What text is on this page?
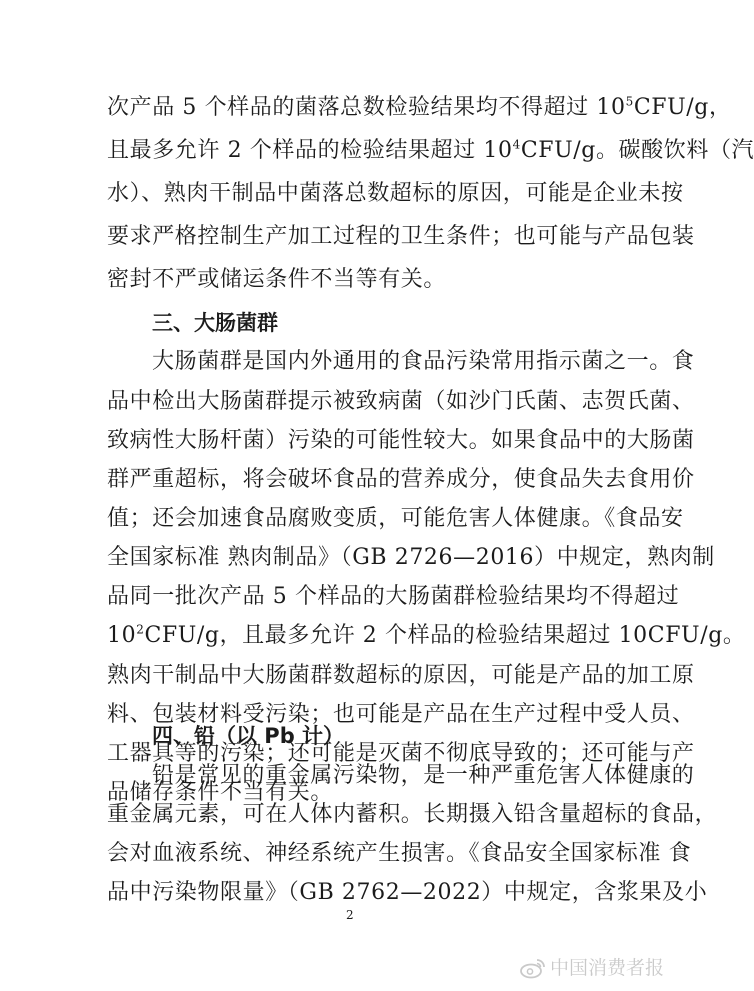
次产品 5 个样品的菌落总数检验结果均不得超过 $10^5CFU/g$，
且最多允许 2 个样品的检验结果超过 $10^4CFU/g$。碳酸饮料（汽
水）、熟肉干制品中菌落总数超标的原因，可能是企业未按
要求严格控制生产加工过程的卫生条件；也可能与产品包装
密封不严或储运条件不当等有关。
三、大肠菌群
大肠菌群是国内外通用的食品污染常用指示菌之一。食
品中检出大肠菌群提示被致病菌（如沙门氏菌、志贺氏菌、
致病性大肠杆菌）污染的可能性较大。如果食品中的大肠菌
群严重超标，将会破坏食品的营养成分，使食品失去食用价
值；还会加速食品腐败变质，可能危害人体健康。《食品安
全国家标准 熟肉制品》（GB 2726—2016）中规定，熟肉制
品同一批次产品 5 个样品的大肠菌群检验结果均不得超过
$10^2CFU/g$，且最多允许 2 个样品的检验结果超过 10CFU/g。
熟肉干制品中大肠菌群数超标的原因，可能是产品的加工原
料、包装材料受污染；也可能是产品在生产过程中受人员、
工器具等的污染；还可能是灭菌不彻底导致的；还可能与产
品储存条件不当有关。
四、铅（以 Pb 计）
铅是常见的重金属污染物，是一种严重危害人体健康的
重金属元素，可在人体内蓄积。长期摄入铅含量超标的食品，
会对血液系统、神经系统产生损害。《食品安全国家标准 食
品中污染物限量》（GB 2762—2022）中规定，含浆果及小
2
中国消费者报
